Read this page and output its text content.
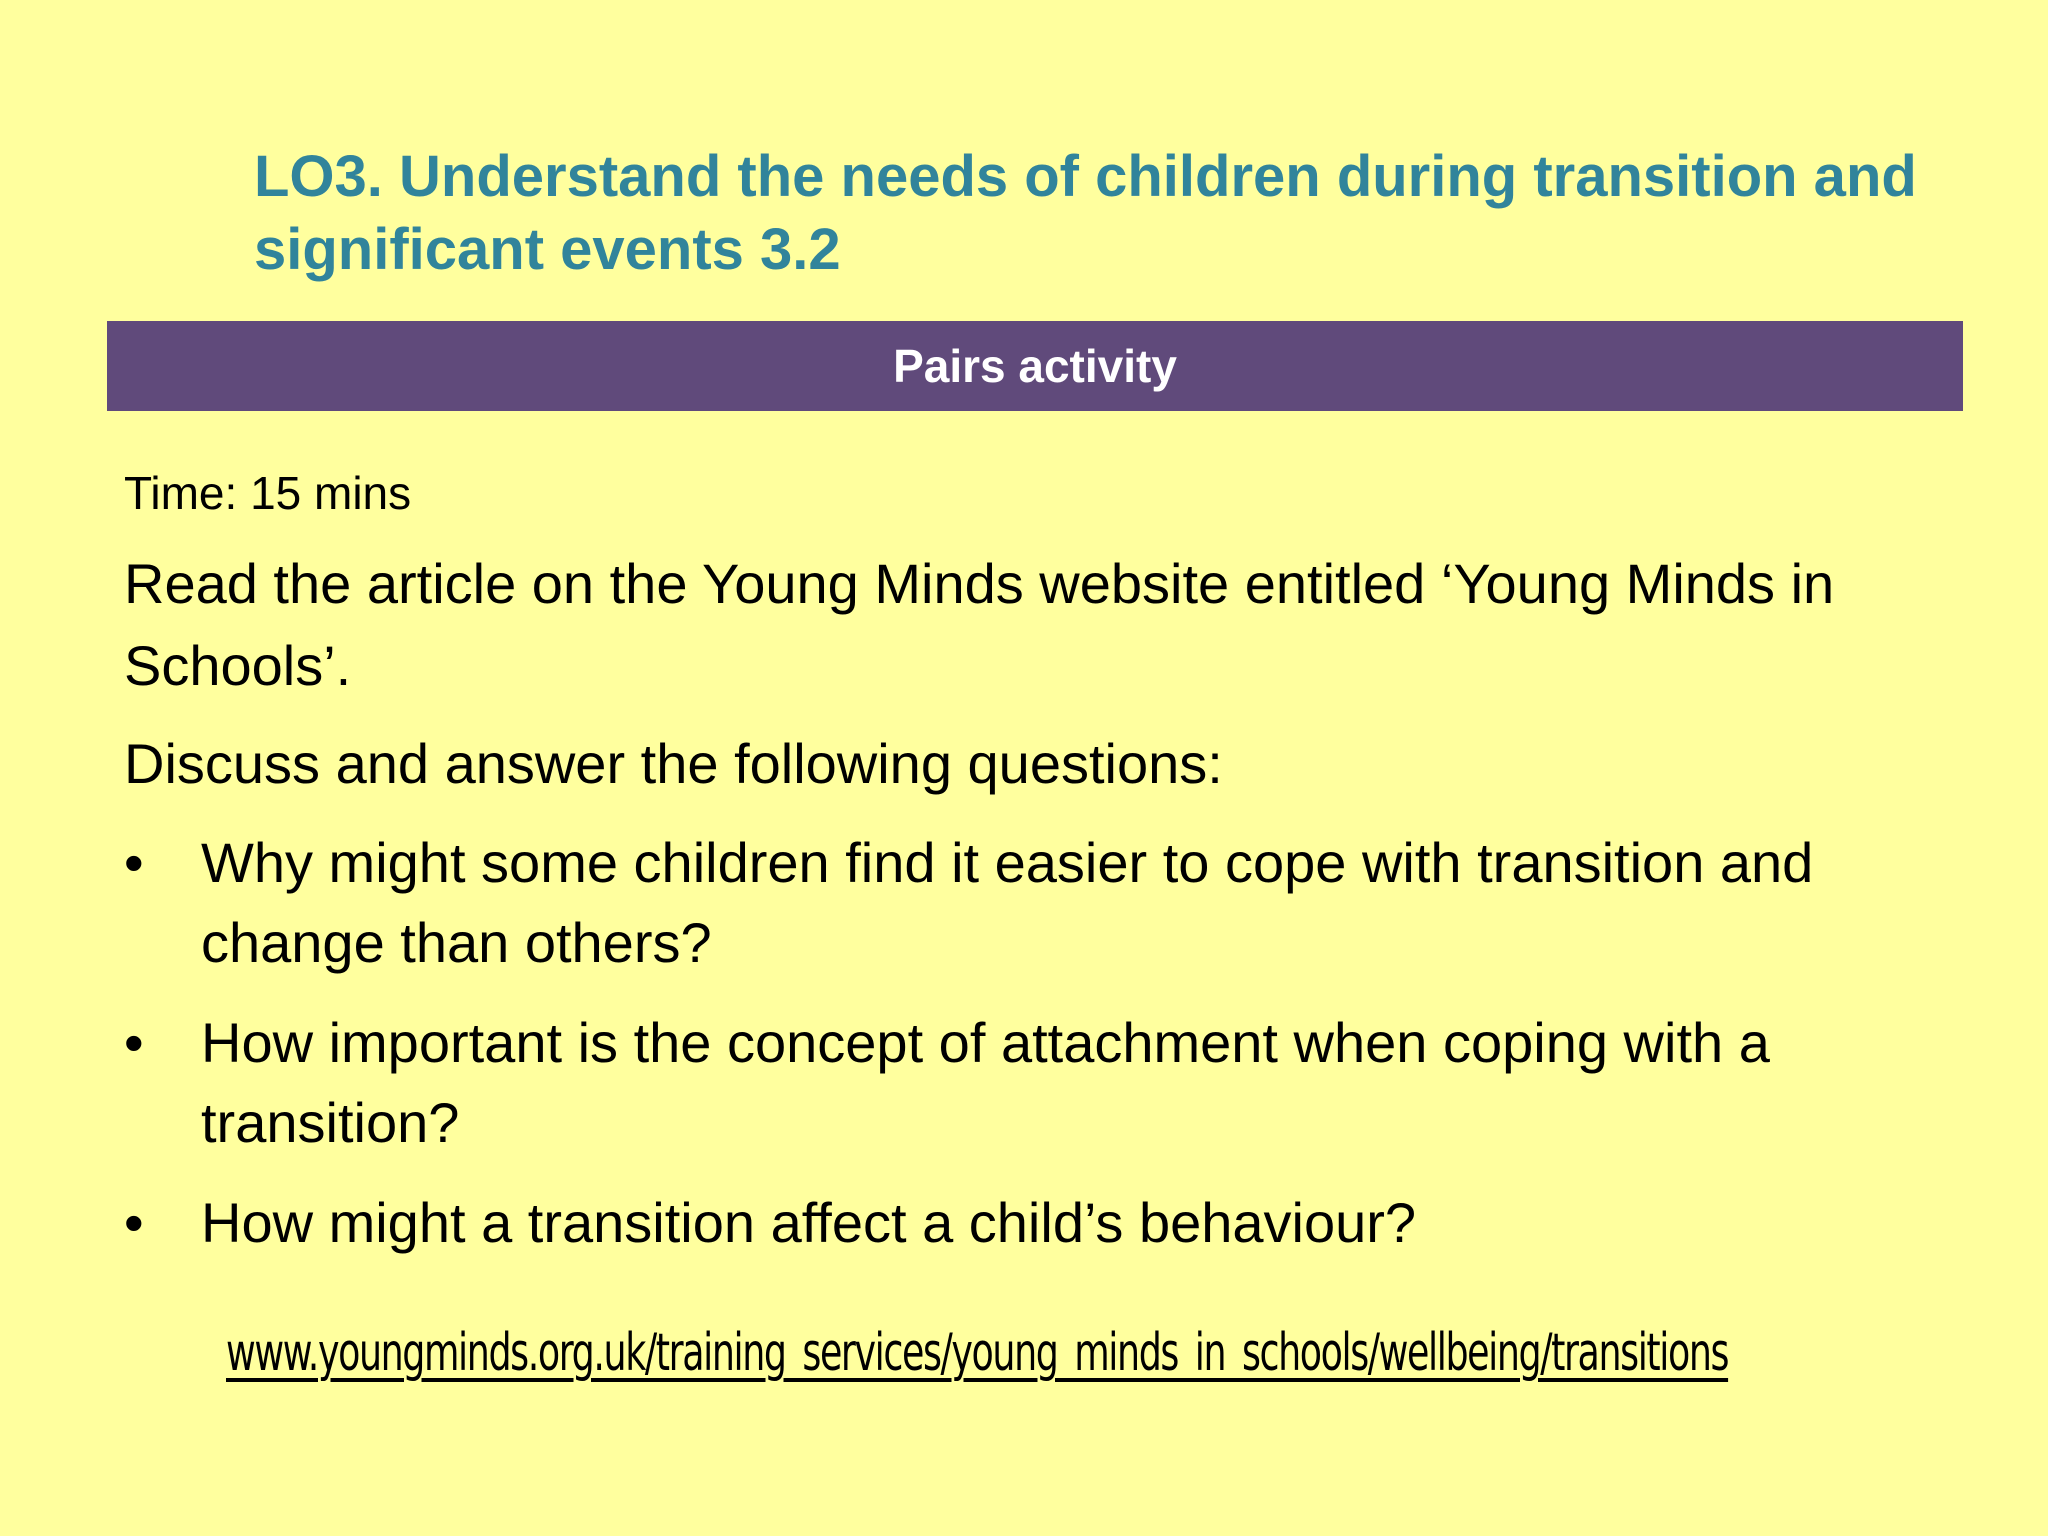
LO3. Understand the needs of children during transition and significant events 3.2
Pairs activity
Time: 15 mins
Read the article on the Young Minds website entitled ‘Young Minds in Schools’.
Discuss and answer the following questions:
•	Why might some children find it easier to cope with transition and change than others?
•	How important is the concept of attachment when coping with a transition?
•	How might a transition affect a child’s behaviour?
www.youngminds.org.uk/training_services/young_minds_in_schools/wellbeing/transitions
